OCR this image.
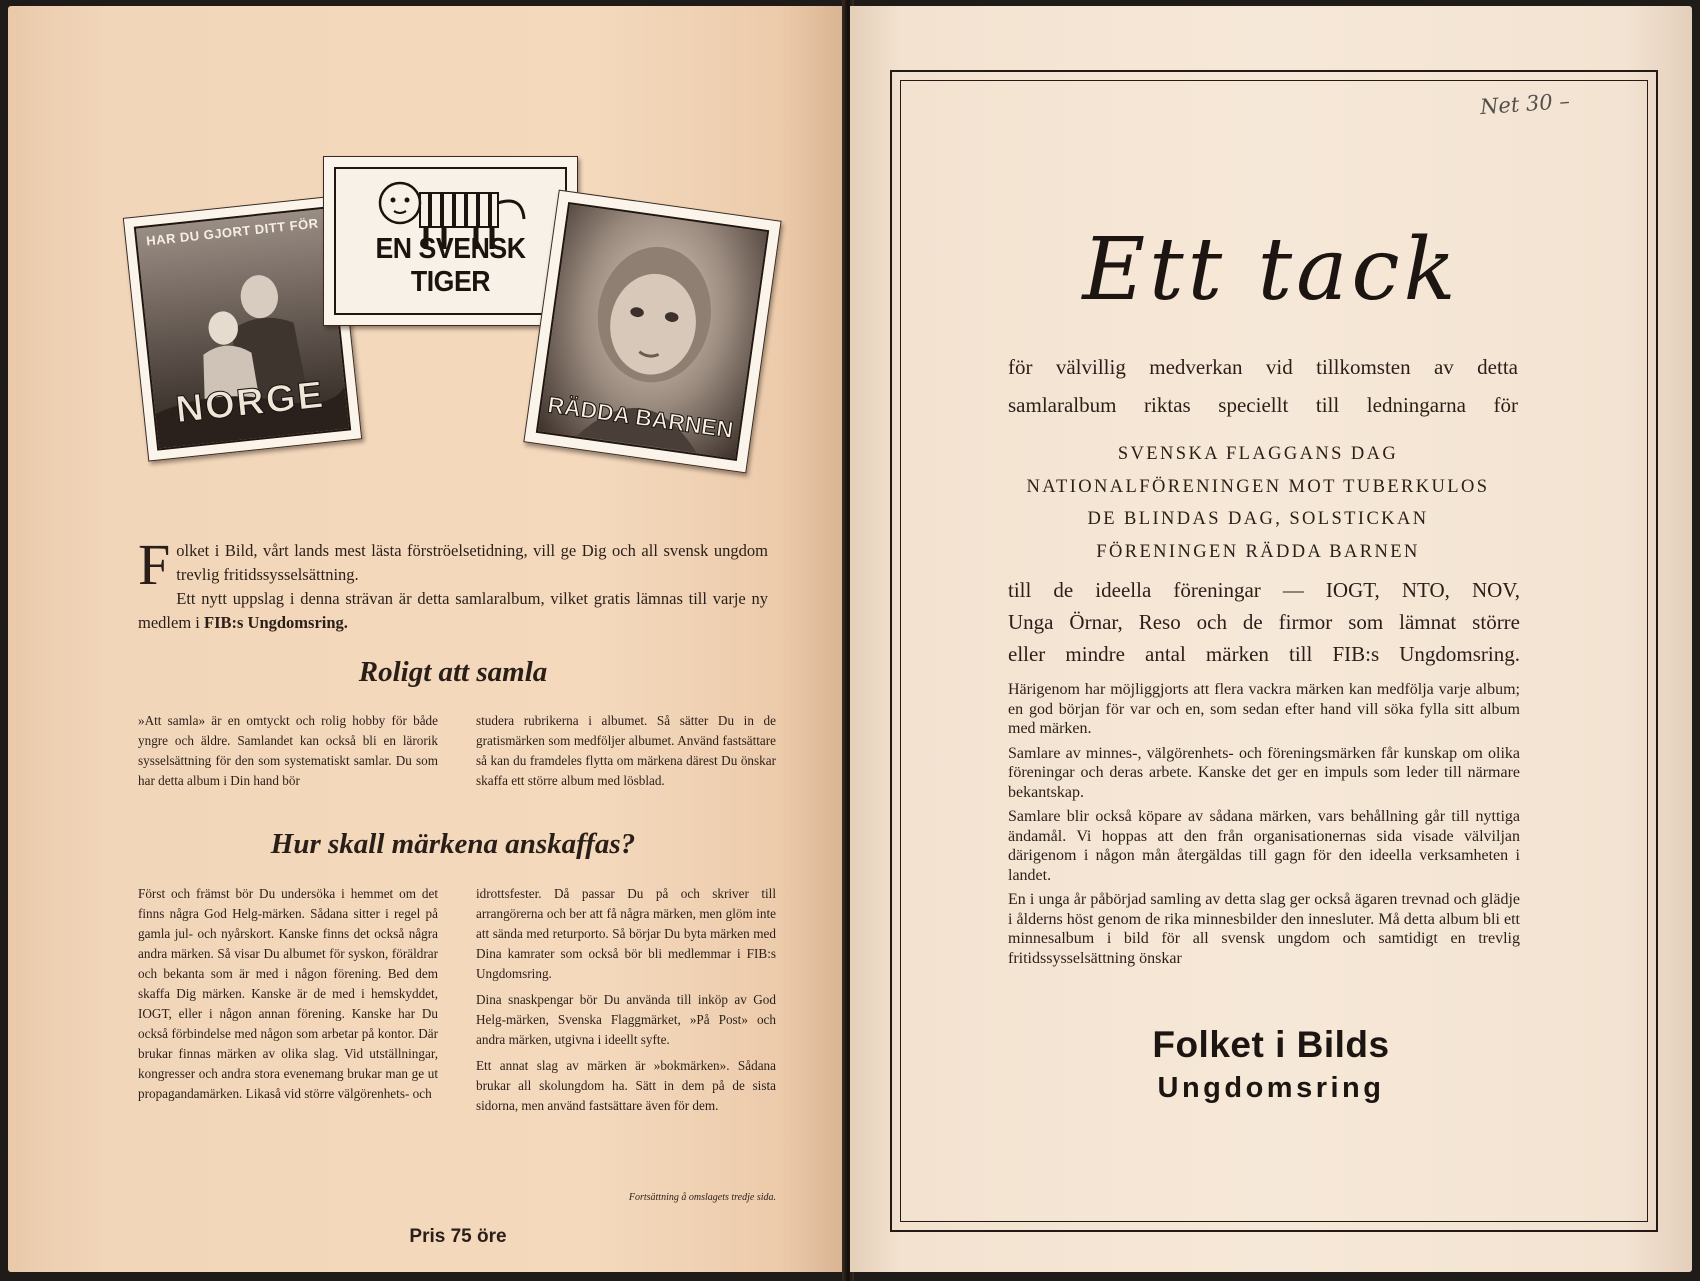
HAR DU GJORT DITT FÖR
NORGE
EN SVENSK TIGER
RÄDDA BARNEN
Folket i Bild, vårt lands mest lästa förströelsetidning, vill ge Dig och all svensk ungdom trevlig fritidssysselsättning.
Ett nytt uppslag i denna strävan är detta samlaralbum, vilket gratis lämnas till varje ny medlem i FIB:s Ungdomsring.
Roligt att samla
»Att samla» är en omtyckt och rolig hobby för både yngre och äldre. Samlandet kan också bli en lärorik sysselsättning för den som systematiskt samlar. Du som har detta album i Din hand bör
studera rubrikerna i albumet. Så sätter Du in de gratismärken som medföljer albumet. Använd fastsättare så kan du framdeles flytta om märkena därest Du önskar skaffa ett större album med lösblad.
Hur skall märkena anskaffas?
Först och främst bör Du undersöka i hemmet om det finns några God Helg-märken. Sådana sitter i regel på gamla jul- och nyårskort. Kanske finns det också några andra märken. Så visar Du albumet för syskon, föräldrar och bekanta som är med i någon förening. Bed dem skaffa Dig märken. Kanske är de med i hemskyddet, IOGT, eller i någon annan förening. Kanske har Du också förbindelse med någon som arbetar på kontor. Där brukar finnas märken av olika slag. Vid utställningar, kongresser och andra stora evenemang brukar man ge ut propagandamärken. Likaså vid större välgörenhets- och

idrottsfester. Då passar Du på och skriver till arrangörerna och ber att få några märken, men glöm inte att sända med returporto. Så börjar Du byta märken med Dina kamrater som också bör bli medlemmar i FIB:s Ungdomsring.

Dina snaskpengar bör Du använda till inköp av God Helg-märken, Svenska Flaggmärket, »På Post» och andra märken, utgivna i ideellt syfte.

Ett annat slag av märken är »bokmärken». Sådana brukar all skolungdom ha. Sätt in dem på de sista sidorna, men använd fastsättare även för dem.

Fortsättning å omslagets tredje sida.
Pris 75 öre
Net 30 –
Ett tack
för välvillig medverkan vid tillkomsten av detta
samlaralbum riktas speciellt till ledningarna för
SVENSKA FLAGGANS DAG
NATIONALFÖRENINGEN MOT TUBERKULOS
DE BLINDAS DAG, SOLSTICKAN
FÖRENINGEN RÄDDA BARNEN
till de ideella föreningar — IOGT, NTO, NOV,
Unga Örnar, Reso och de firmor som lämnat större
eller mindre antal märken till FIB:s Ungdomsring.

Härigenom har möjliggjorts att flera vackra märken kan medfölja varje album; en god början för var och en, som sedan efter hand vill söka fylla sitt album med märken.

Samlare av minnes-, välgörenhets- och föreningsmärken får kunskap om olika föreningar och deras arbete. Kanske det ger en impuls som leder till närmare bekantskap.

Samlare blir också köpare av sådana märken, vars behållning går till nyttiga ändamål. Vi hoppas att den från organisationernas sida visade välviljan därigenom i någon mån återgäldas till gagn för den ideella verksamheten i landet.

En i unga år påbörjad samling av detta slag ger också ägaren trevnad och glädje i ålderns höst genom de rika minnesbilder den innesluter. Må detta album bli ett minnesalbum i bild för all svensk ungdom och samtidigt en trevlig fritidssysselsättning önskar

Folket i Bilds
Ungdomsring
